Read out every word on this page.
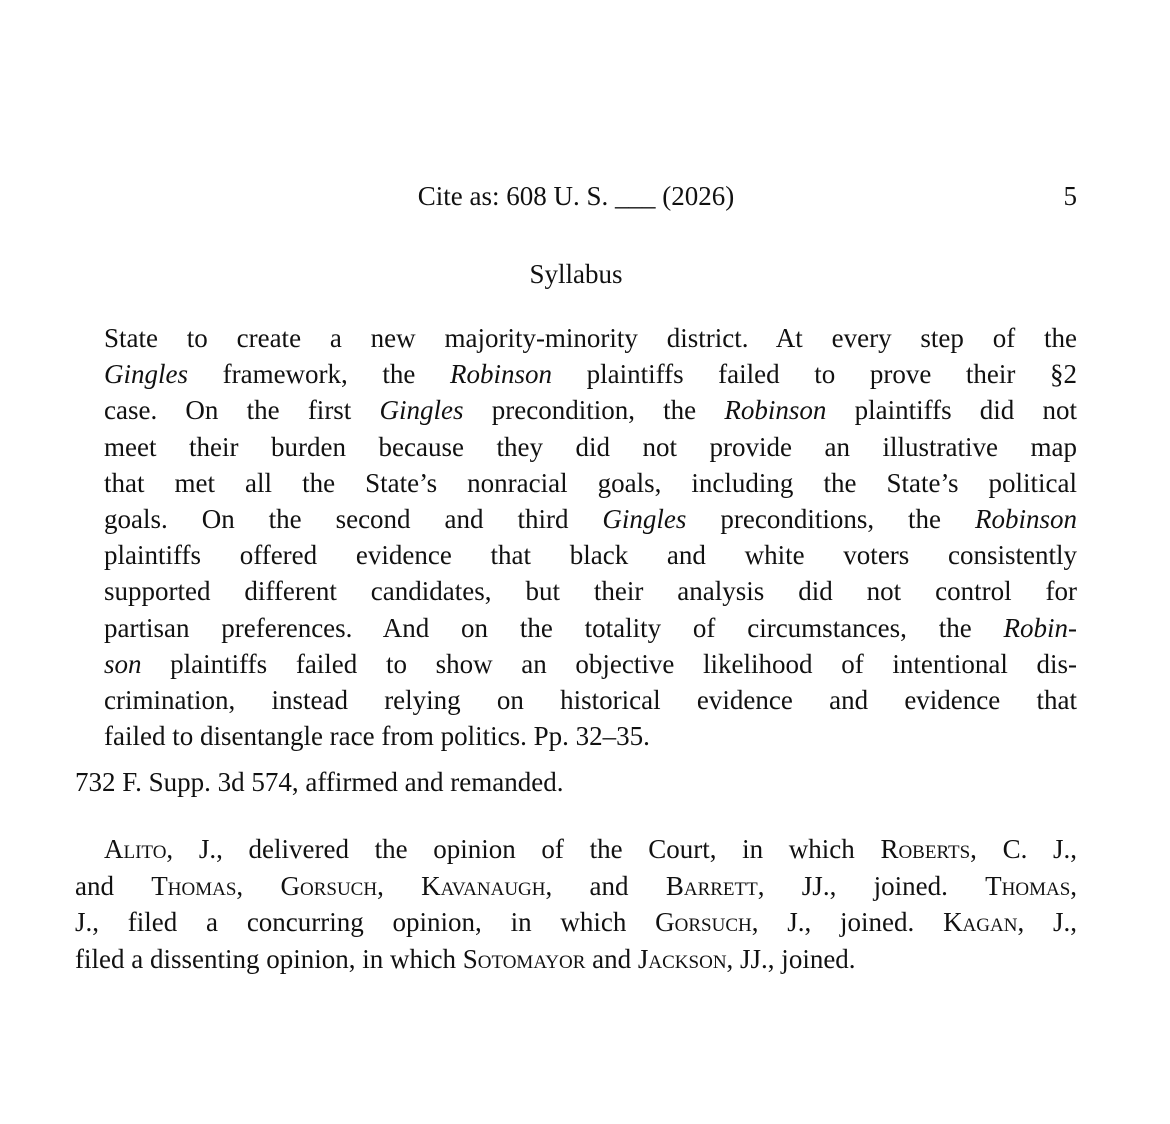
Cite as: 608 U. S. ___ (2026)	5
Syllabus
State to create a new majority-minority district. At every step of the
Gingles framework, the Robinson plaintiffs failed to prove their §2
case. On the first Gingles precondition, the Robinson plaintiffs did not
meet their burden because they did not provide an illustrative map
that met all the State’s nonracial goals, including the State’s political
goals. On the second and third Gingles preconditions, the Robinson
plaintiffs offered evidence that black and white voters consistently
supported different candidates, but their analysis did not control for
partisan preferences. And on the totality of circumstances, the Robin-
son plaintiffs failed to show an objective likelihood of intentional dis-
crimination, instead relying on historical evidence and evidence that
failed to disentangle race from politics. Pp. 32–35.
732 F. Supp. 3d 574, affirmed and remanded.
Alito, J., delivered the opinion of the Court, in which Roberts, C. J.,
and Thomas, Gorsuch, Kavanaugh, and Barrett, JJ., joined. Thomas,
J., filed a concurring opinion, in which Gorsuch, J., joined. Kagan, J.,
filed a dissenting opinion, in which Sotomayor and Jackson, JJ., joined.
